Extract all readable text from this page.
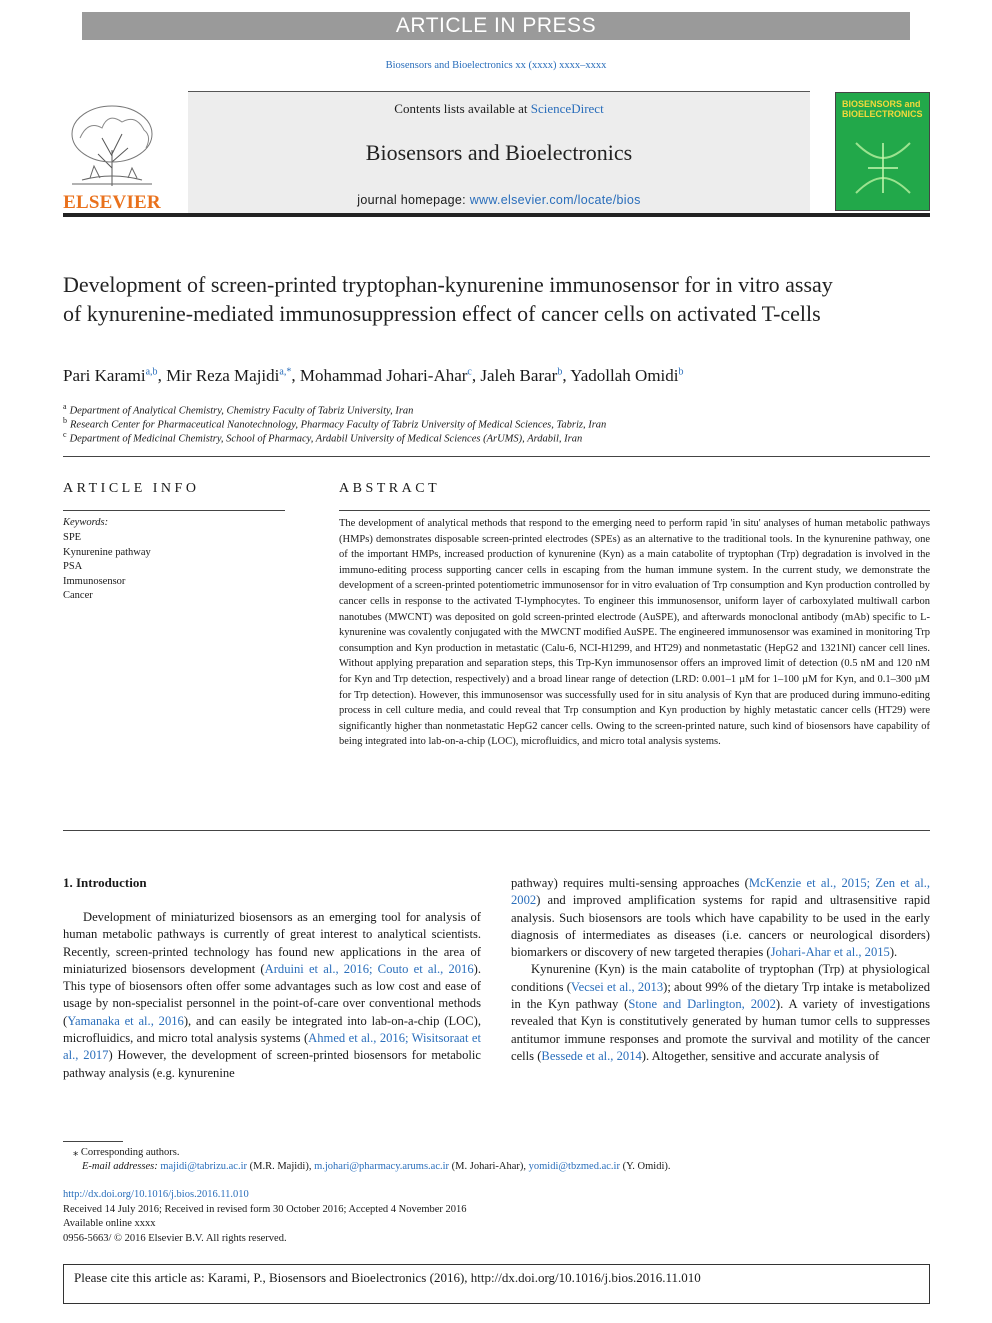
ARTICLE IN PRESS
Biosensors and Bioelectronics xx (xxxx) xxxx–xxxx
Contents lists available at ScienceDirect
Biosensors and Bioelectronics
journal homepage: www.elsevier.com/locate/bios
ELSEVIER
BIOSENSORS and BIOELECTRONICS
Development of screen-printed tryptophan-kynurenine immunosensor for in vitro assay of kynurenine-mediated immunosuppression effect of cancer cells on activated T-cells
Pari Karami$^{a,b}$, Mir Reza Majidi$^{a,*}$, Mohammad Johari-Ahar$^c$, Jaleh Barar$^b$, Yadollah Omidi$^b$
$^a$ Department of Analytical Chemistry, Chemistry Faculty of Tabriz University, Iran
$^b$ Research Center for Pharmaceutical Nanotechnology, Pharmacy Faculty of Tabriz University of Medical Sciences, Tabriz, Iran
$^c$ Department of Medicinal Chemistry, School of Pharmacy, Ardabil University of Medical Sciences (ArUMS), Ardabil, Iran
ARTICLE INFO
Keywords:
SPE
Kynurenine pathway
PSA
Immunosensor
Cancer
ABSTRACT
The development of analytical methods that respond to the emerging need to perform rapid 'in situ' analyses of human metabolic pathways (HMPs) demonstrates disposable screen-printed electrodes (SPEs) as an alternative to the traditional tools. In the kynurenine pathway, one of the important HMPs, increased production of kynurenine (Kyn) as a main catabolite of tryptophan (Trp) degradation is involved in the immuno-editing process supporting cancer cells in escaping from the human immune system. In the current study, we demonstrate the development of a screen-printed potentiometric immunosensor for in vitro evaluation of Trp consumption and Kyn production controlled by cancer cells in response to the activated T-lymphocytes. To engineer this immunosensor, uniform layer of carboxylated multiwall carbon nanotubes (MWCNT) was deposited on gold screen-printed electrode (AuSPE), and afterwards monoclonal antibody (mAb) specific to L-kynurenine was covalently conjugated with the MWCNT modified AuSPE. The engineered immunosensor was examined in monitoring Trp consumption and Kyn production in metastatic (Calu-6, NCI-H1299, and HT29) and nonmetastatic (HepG2 and 1321NI) cancer cell lines. Without applying preparation and separation steps, this Trp-Kyn immunosensor offers an improved limit of detection (0.5 nM and 120 nM for Kyn and Trp detection, respectively) and a broad linear range of detection (LRD: 0.001–1 µM for 1–100 µM for Kyn, and 0.1–300 µM for Trp detection). However, this immunosensor was successfully used for in situ analysis of Kyn that are produced during immuno-editing process in cell culture media, and could reveal that Trp consumption and Kyn production by highly metastatic cancer cells (HT29) were significantly higher than nonmetastatic HepG2 cancer cells. Owing to the screen-printed nature, such kind of biosensors have capability of being integrated into lab-on-a-chip (LOC), microfluidics, and micro total analysis systems.
1. Introduction

Development of miniaturized biosensors as an emerging tool for analysis of human metabolic pathways is currently of great interest to analytical scientists. Recently, screen-printed technology has found new applications in the area of miniaturized biosensors development (Arduini et al., 2016; Couto et al., 2016). This type of biosensors often offer some advantages such as low cost and ease of usage by non-specialist personnel in the point-of-care over conventional methods (Yamanaka et al., 2016), and can easily be integrated into lab-on-a-chip (LOC), microfluidics, and micro total analysis systems (Ahmed et al., 2016; Wisitsoraat et al., 2017) However, the development of screen-printed biosensors for metabolic pathway analysis (e.g. kynurenine

pathway) requires multi-sensing approaches (McKenzie et al., 2015; Zen et al., 2002) and improved amplification systems for rapid and ultrasensitive rapid analysis. Such biosensors are tools which have capability to be used in the early diagnosis of intermediates as diseases (i.e. cancers or neurological disorders) biomarkers or discovery of new targeted therapies (Johari-Ahar et al., 2015).

Kynurenine (Kyn) is the main catabolite of tryptophan (Trp) at physiological conditions (Vecsei et al., 2013); about 99% of the dietary Trp intake is metabolized in the Kyn pathway (Stone and Darlington, 2002). A variety of investigations revealed that Kyn is constitutively generated by human tumor cells to suppresses antitumor immune responses and promote the survival and motility of the cancer cells (Bessede et al., 2014). Altogether, sensitive and accurate analysis of

⁎ Corresponding authors.
E-mail addresses: majidi@tabrizu.ac.ir (M.R. Majidi), m.johari@pharmacy.arums.ac.ir (M. Johari-Ahar), yomidi@tbzmed.ac.ir (Y. Omidi).
http://dx.doi.org/10.1016/j.bios.2016.11.010
Received 14 July 2016; Received in revised form 30 October 2016; Accepted 4 November 2016
Available online xxxx
0956-5663/ © 2016 Elsevier B.V. All rights reserved.
Please cite this article as: Karami, P., Biosensors and Bioelectronics (2016), http://dx.doi.org/10.1016/j.bios.2016.11.010
